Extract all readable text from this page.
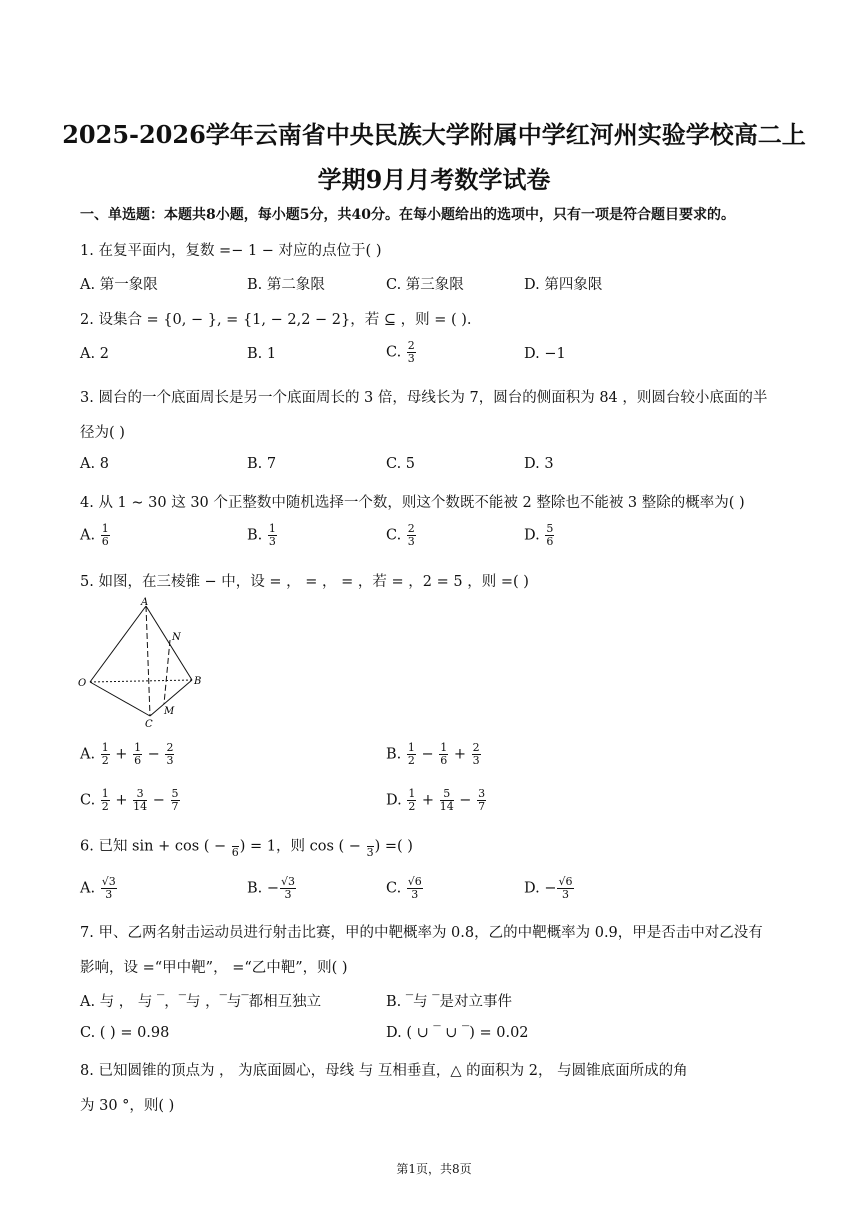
2025-2026学年云南省中央民族大学附属中学红河州实验学校高二上
学期9月月考数学试卷
一、单选题：本题共8小题，每小题5分，共40分。在每小题给出的选项中，只有一项是符合题目要求的。
1. 在复平面内，复数 =− 1 − 对应的点位于( )
A. 第一象限	B. 第二象限	C. 第三象限	D. 第四象限
2. 设集合 = {0, − }, = {1, − 2,2 − 2}，若 ⊆ ，则 = ( ).
A. 2	B. 1	C. $\frac{2}{3}$	D. −1
3. 圆台的一个底面周长是另一个底面周长的 3 倍，母线长为 7，圆台的侧面积为 84 ，则圆台较小底面的半
径为( )
A. 8	B. 7	C. 5	D. 3
4. 从 1 ∼ 30 这 30 个正整数中随机选择一个数，则这个数既不能被 2 整除也不能被 3 整除的概率为( )
A. $\frac{1}{6}$	B. $\frac{1}{3}$	C. $\frac{2}{3}$	D. $\frac{5}{6}$
5. 如图，在三棱锥 − 中，设 = ， = ， = ，若 = ，2 = 5 ，则 =( )
A
N
O	B
C
M
A. $\frac{1}{2} + \frac{1}{6} - \frac{2}{3}$	B. $\frac{1}{2} - \frac{1}{6} + \frac{2}{3}$
C. $\frac{1}{2} + \frac{3}{14} - \frac{5}{7}$	D. $\frac{1}{2} + \frac{5}{14} - \frac{3}{7}$
6. 已知 sin + cos ( −
6 ) = 1，则 cos ( −
3 ) =( )
A. $\frac{√3}{3}$	B. − $\frac{√3}{3}$	C. $\frac{√6}{3}$	D. − $\frac{√6}{3}$
7. 甲、乙两名射击运动员进行射击比赛，甲的中靶概率为 0.8，乙的中靶概率为 0.9，甲是否击中对乙没有
影响，设 =“甲中靶”， =“乙中靶”，则( )
A. 与 ， 与 ‾，‾与 ，‾与‾都相互独立	B. ‾与 ‾是对立事件
C. ( ) = 0.98	D. ( ∪ ‾ ∪ ‾) = 0.02
8. 已知圆锥的顶点为 ， 为底面圆心，母线 与 互相垂直，△ 的面积为 2， 与圆锥底面所成的角
为 30 °，则( )
第1页，共8页
